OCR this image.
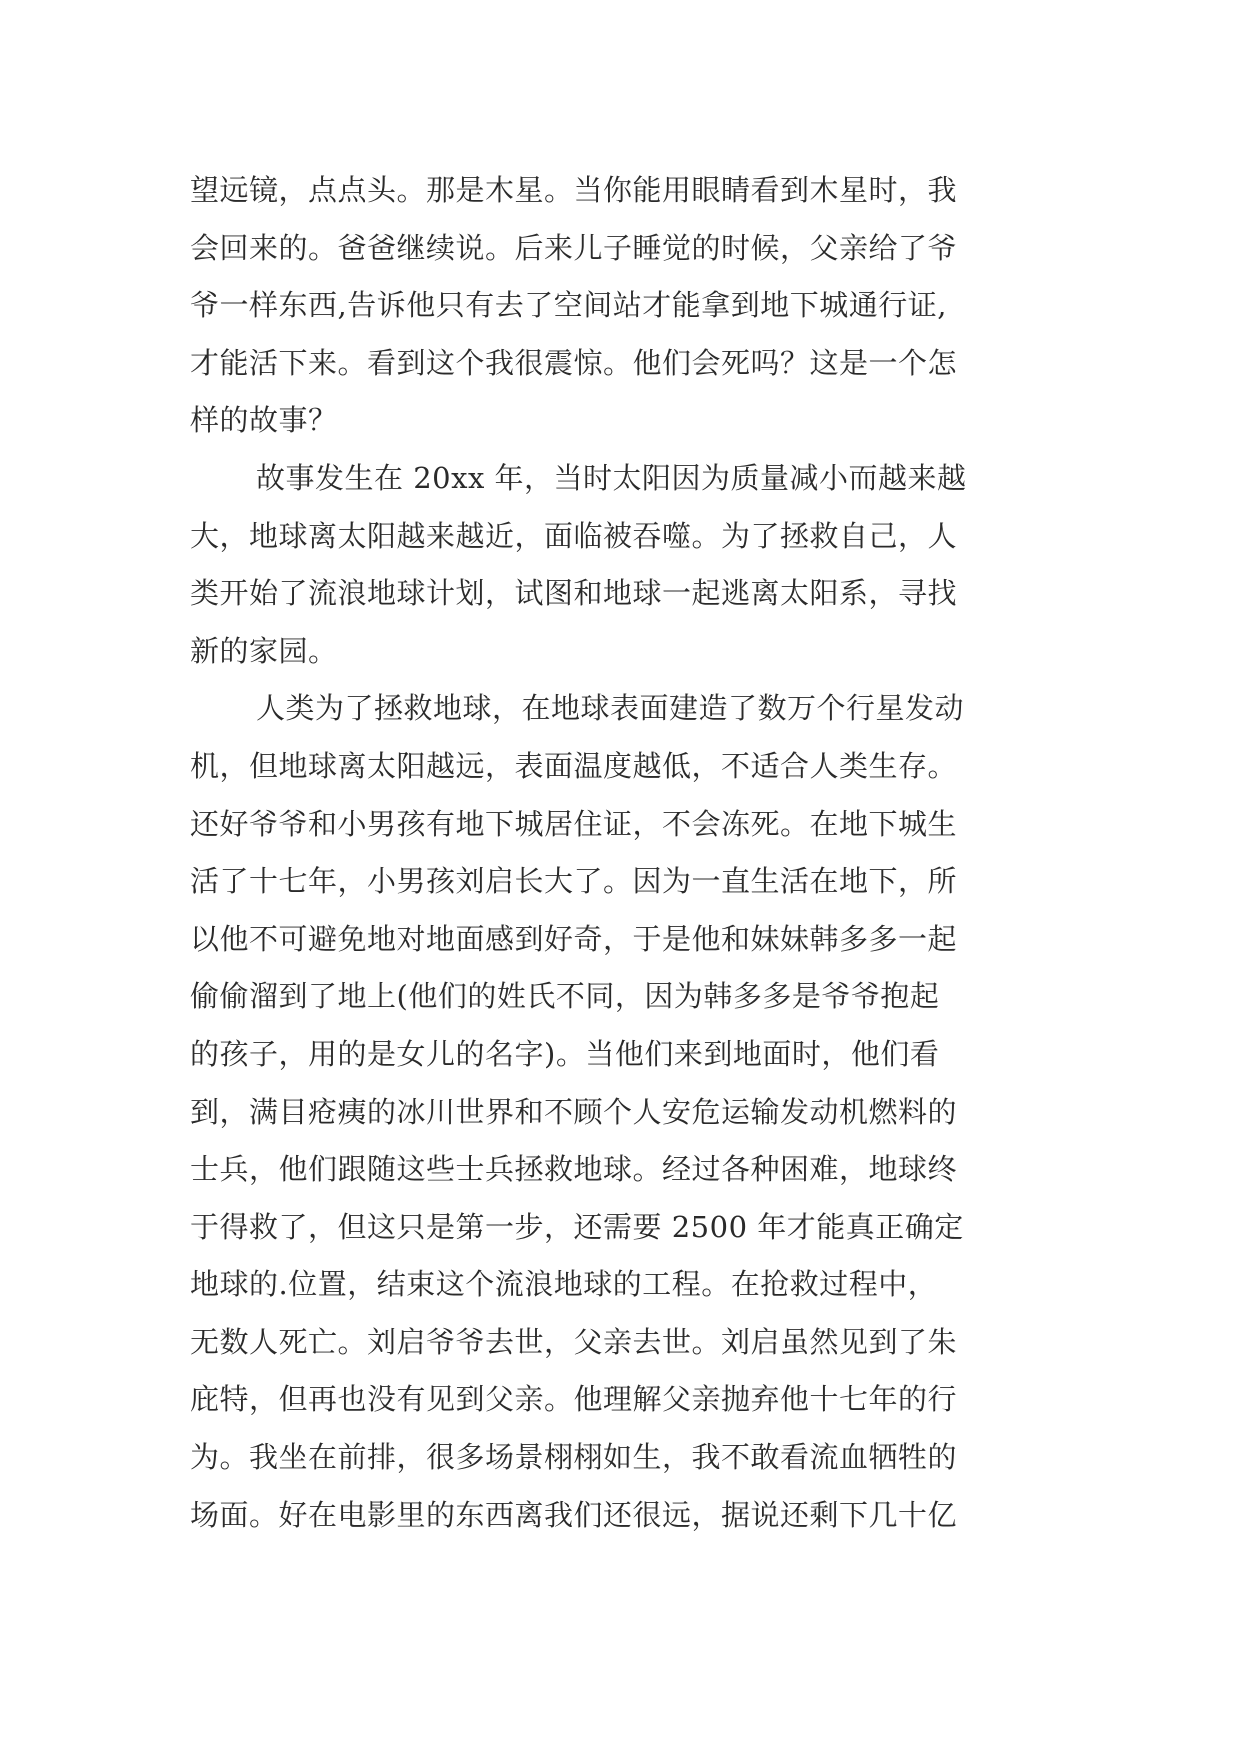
望远镜，点点头。那是木星。当你能用眼睛看到木星时，我
会回来的。爸爸继续说。后来儿子睡觉的时候，父亲给了爷
爷一样东西,告诉他只有去了空间站才能拿到地下城通行证,
才能活下来。看到这个我很震惊。他们会死吗？这是一个怎
样的故事？
故事发生在 20xx 年，当时太阳因为质量减小而越来越
大，地球离太阳越来越近，面临被吞噬。为了拯救自己，人
类开始了流浪地球计划，试图和地球一起逃离太阳系，寻找
新的家园。
人类为了拯救地球，在地球表面建造了数万个行星发动
机，但地球离太阳越远，表面温度越低，不适合人类生存。
还好爷爷和小男孩有地下城居住证，不会冻死。在地下城生
活了十七年，小男孩刘启长大了。因为一直生活在地下，所
以他不可避免地对地面感到好奇，于是他和妹妹韩多多一起
偷偷溜到了地上(他们的姓氏不同，因为韩多多是爷爷抱起
的孩子，用的是女儿的名字)。当他们来到地面时，他们看
到，满目疮痍的冰川世界和不顾个人安危运输发动机燃料的
士兵，他们跟随这些士兵拯救地球。经过各种困难，地球终
于得救了，但这只是第一步，还需要 2500 年才能真正确定
地球的.位置，结束这个流浪地球的工程。在抢救过程中，
无数人死亡。刘启爷爷去世，父亲去世。刘启虽然见到了朱
庇特，但再也没有见到父亲。他理解父亲抛弃他十七年的行
为。我坐在前排，很多场景栩栩如生，我不敢看流血牺牲的
场面。好在电影里的东西离我们还很远，据说还剩下几十亿
